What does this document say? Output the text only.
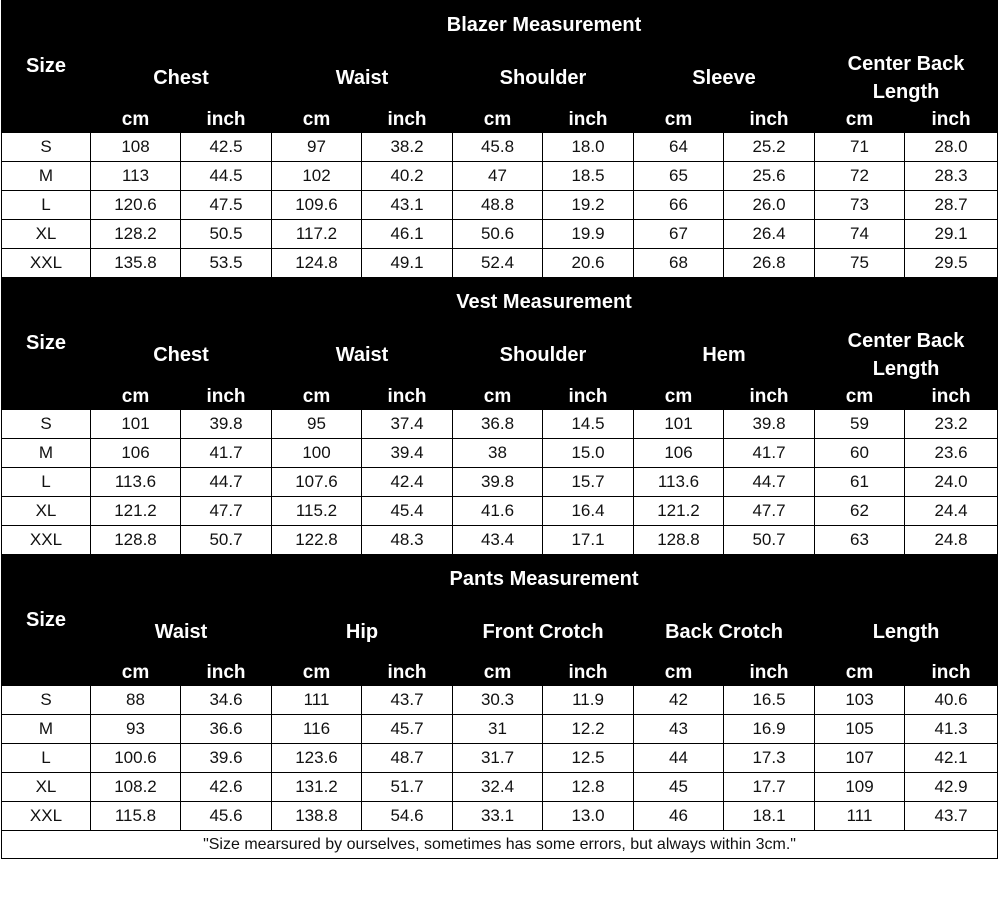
Size	Blazer Measurement									
	Chest		Waist		Shoulder		Sleeve		Center Back Length	
	cm	inch	cm	inch	cm	inch	cm	inch	cm	inch
S	108	42.5	97	38.2	45.8	18.0	64	25.2	71	28.0
M	113	44.5	102	40.2	47	18.5	65	25.6	72	28.3
L	120.6	47.5	109.6	43.1	48.8	19.2	66	26.0	73	28.7
XL	128.2	50.5	117.2	46.1	50.6	19.9	67	26.4	74	29.1
XXL	135.8	53.5	124.8	49.1	52.4	20.6	68	26.8	75	29.5
Size	Vest Measurement									
	Chest		Waist		Shoulder		Hem		Center Back Length	
	cm	inch	cm	inch	cm	inch	cm	inch	cm	inch
S	101	39.8	95	37.4	36.8	14.5	101	39.8	59	23.2
M	106	41.7	100	39.4	38	15.0	106	41.7	60	23.6
L	113.6	44.7	107.6	42.4	39.8	15.7	113.6	44.7	61	24.0
XL	121.2	47.7	115.2	45.4	41.6	16.4	121.2	47.7	62	24.4
XXL	128.8	50.7	122.8	48.3	43.4	17.1	128.8	50.7	63	24.8
Size	Pants Measurement									
	Waist		Hip		Front Crotch		Back Crotch		Length	
	cm	inch	cm	inch	cm	inch	cm	inch	cm	inch
S	88	34.6	111	43.7	30.3	11.9	42	16.5	103	40.6
M	93	36.6	116	45.7	31	12.2	43	16.9	105	41.3
L	100.6	39.6	123.6	48.7	31.7	12.5	44	17.3	107	42.1
XL	108.2	42.6	131.2	51.7	32.4	12.8	45	17.7	109	42.9
XXL	115.8	45.6	138.8	54.6	33.1	13.0	46	18.1	111	43.7
"Size mearsured by ourselves, sometimes has some errors, but always within 3cm."										
